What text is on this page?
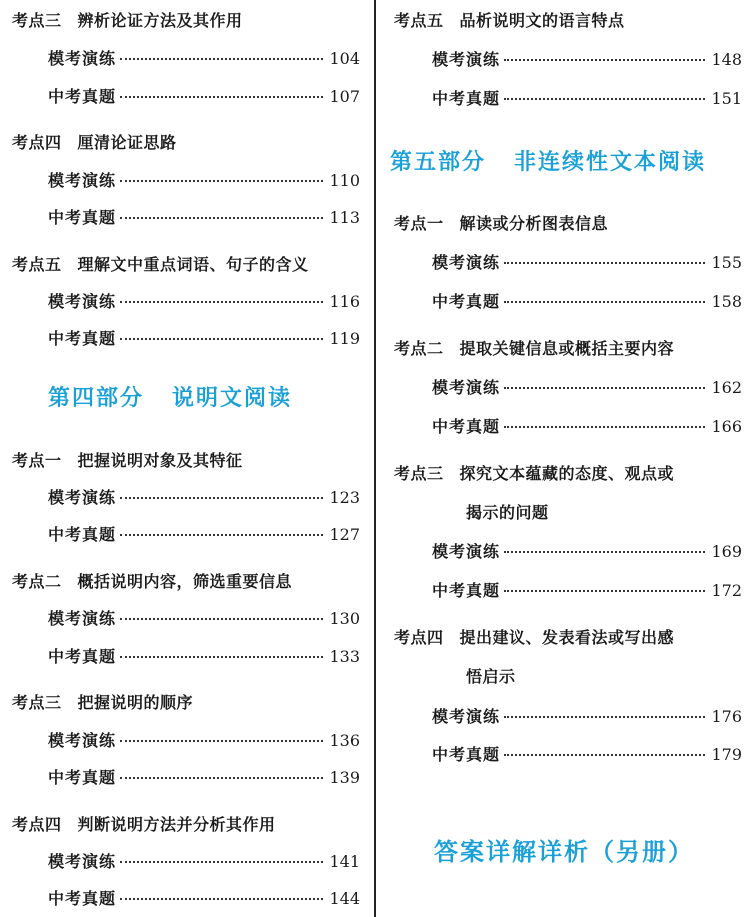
考点三 辨析论证方法及其作用
模考演练	104
中考真题	107
考点四 厘清论证思路
模考演练	110
中考真题	113
考点五 理解文中重点词语、句子的含义
模考演练	116
中考真题	119
第四部分 说明文阅读
考点一 把握说明对象及其特征
模考演练	123
中考真题	127
考点二 概括说明内容，筛选重要信息
模考演练	130
中考真题	133
考点三 把握说明的顺序
模考演练	136
中考真题	139
考点四 判断说明方法并分析其作用
模考演练	141
中考真题	144
考点五 品析说明文的语言特点
模考演练	148
中考真题	151
第五部分 非连续性文本阅读
考点一 解读或分析图表信息
模考演练	155
中考真题	158
考点二 提取关键信息或概括主要内容
模考演练	162
中考真题	166
考点三 探究文本蕴藏的态度、观点或
揭示的问题
模考演练	169
中考真题	172
考点四 提出建议、发表看法或写出感
悟启示
模考演练	176
中考真题	179
答案详解详析（另册）
